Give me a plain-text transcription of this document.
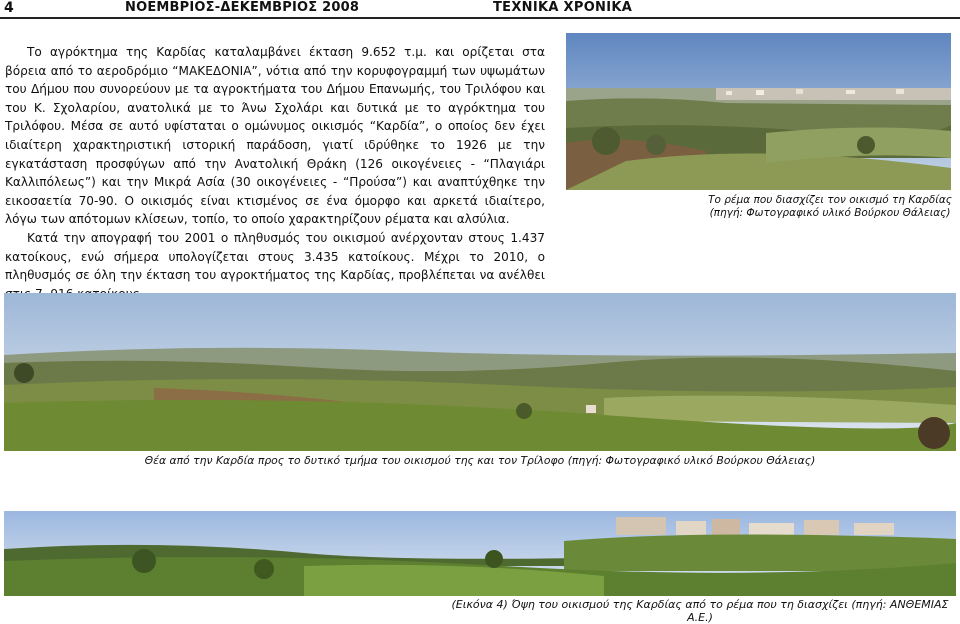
4	ΝΟΕΜΒΡΙΟΣ-ΔΕΚΕΜΒΡΙΟΣ 2008	ΤΕΧΝΙΚΑ ΧΡΟΝΙΚΑ

Το αγρόκτημα της Καρδίας καταλαμβάνει έκταση 9.652 τ.μ. και ορίζεται στα βόρεια από το αεροδρόμιο “ΜΑΚΕΔΟΝΙΑ”, νότια από την κορυφογραμμή των υψωμάτων του Δήμου που συνορεύουν με τα αγροκτήματα του Δήμου Επανωμής, του Τριλόφου και του Κ. Σχολαρίου, ανατολικά με το Άνω Σχολάρι και δυτικά με το αγρόκτημα του Τριλόφου. Μέσα σε αυτό υφίσταται ο ομώνυμος οικισμός “Καρδία”, ο οποίος δεν έχει ιδιαίτερη χαρακτηριστική ιστορική παράδοση, γιατί ιδρύθηκε το 1926 με την εγκατάσταση προσφύγων από την Ανατολική Θράκη (126 οικογένειες - “Πλαγιάρι Καλλιπόλεως”) και την Μικρά Ασία (30 οικογένειες - “Προύσα”) και αναπτύχθηκε την εικοσαετία 70-90. Ο οικισμός είναι κτισμένος σε ένα όμορφο και αρκετά ιδιαίτερο, λόγω των απότομων κλίσεων, τοπίο, το οποίο χαρακτηρίζουν ρέματα και αλσύλια.

Κατά την απογραφή του 2001 ο πληθυσμός του οικισμού ανέρχονταν στους 1.437 κατοίκους, ενώ σήμερα υπολογίζεται στους 3.435 κατοίκους. Μέχρι το 2010, ο πληθυσμός σε όλη την έκταση του αγροκτήματος της Καρδίας, προβλέπεται να ανέλθει

Το ρέμα που διασχίζει τον οικισμό τη Καρδίας
(πηγή: Φωτογραφικό υλικό Βούρκου Θάλειας)
Θέα από την Καρδία προς το δυτικό τμήμα του οικισμού της και τον Τρίλοφο (πηγή: Φωτογραφικό υλικό Βούρκου Θάλειας)
(Εικόνα 4) Όψη του οικισμού της Καρδίας από το ρέμα που τη διασχίζει (πηγή: ΑΝΘΕΜΙΑΣ Α.Ε.)
